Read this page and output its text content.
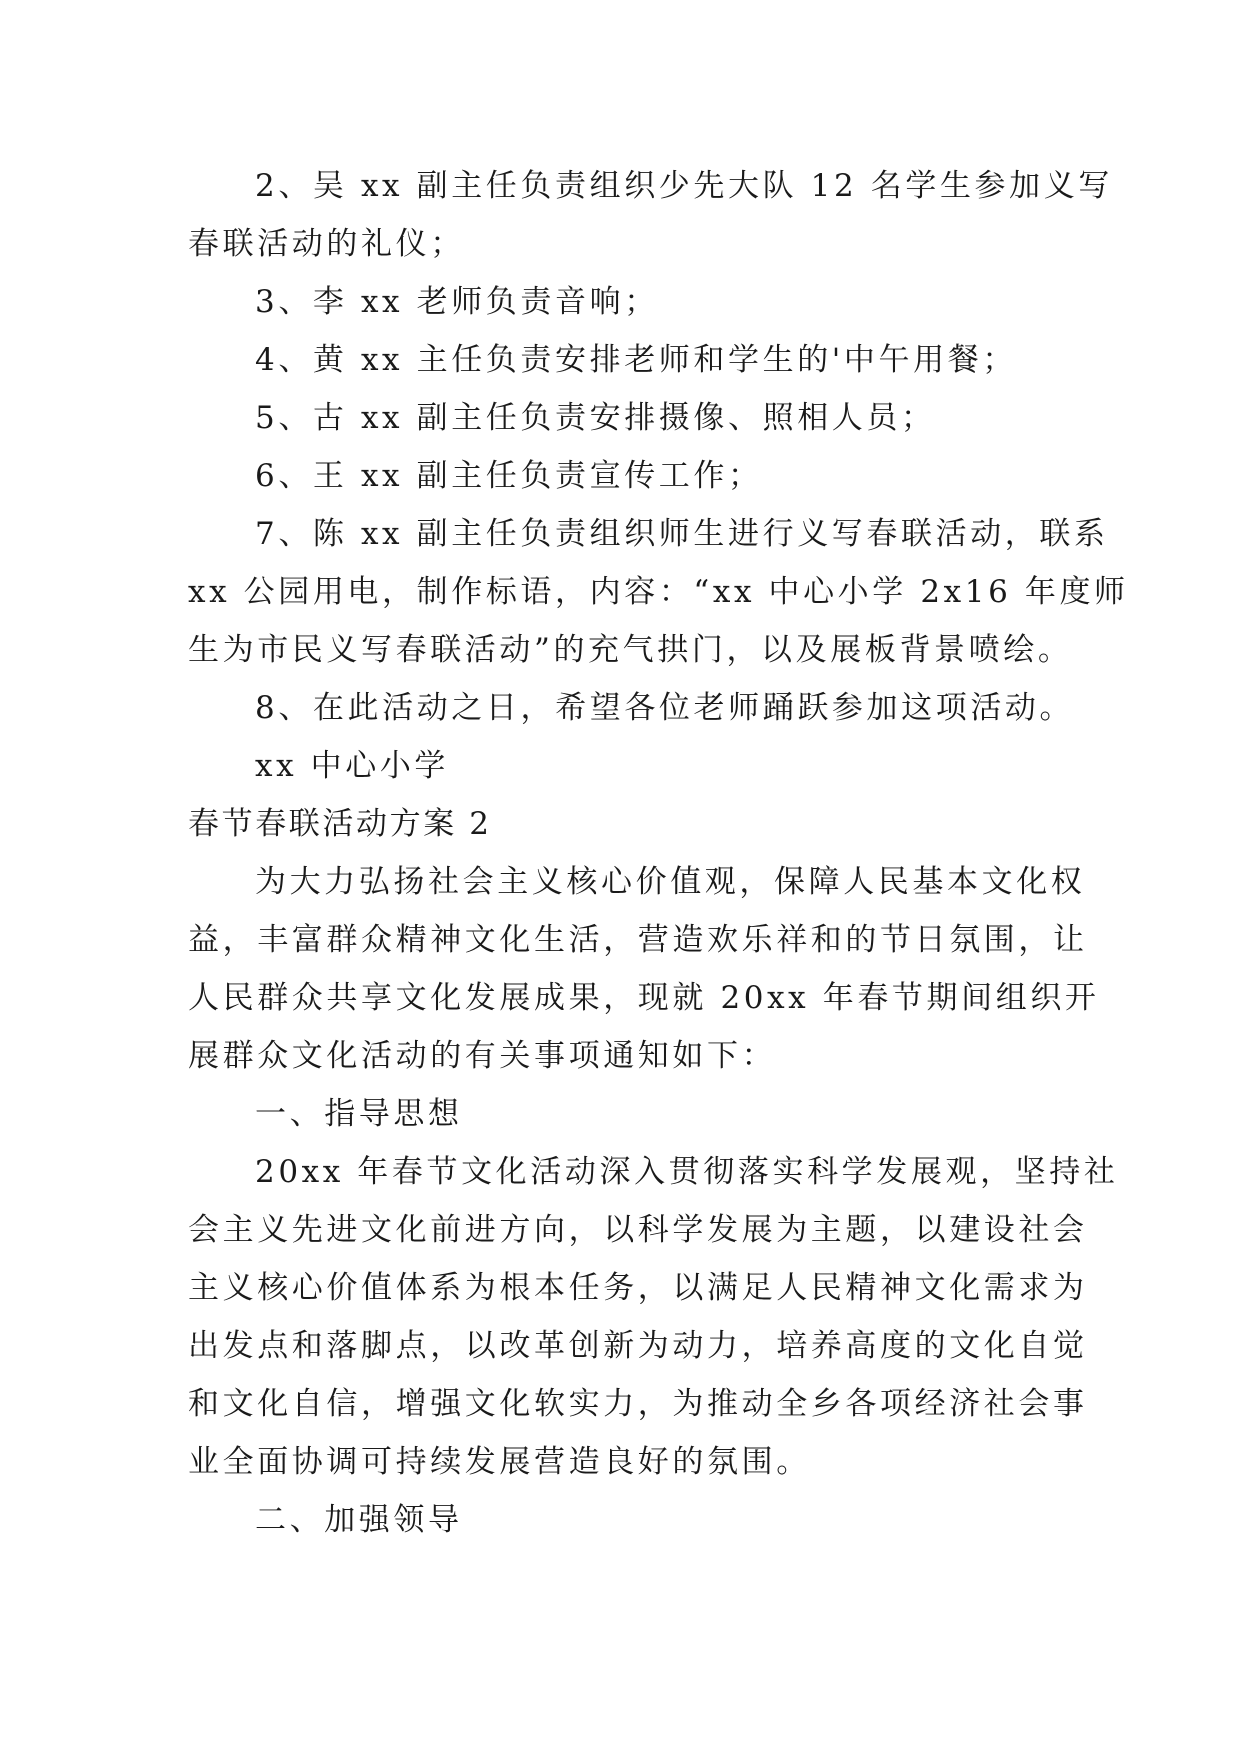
2、吴 xx 副主任负责组织少先大队 12 名学生参加义写
春联活动的礼仪；
3、李 xx 老师负责音响；
4、黄 xx 主任负责安排老师和学生的'中午用餐；
5、古 xx 副主任负责安排摄像、照相人员；
6、王 xx 副主任负责宣传工作；
7、陈 xx 副主任负责组织师生进行义写春联活动，联系
xx 公园用电，制作标语，内容：“xx 中心小学 2x16 年度师
生为市民义写春联活动”的充气拱门，以及展板背景喷绘。
8、在此活动之日，希望各位老师踊跃参加这项活动。
xx 中心小学
春节春联活动方案 2
为大力弘扬社会主义核心价值观，保障人民基本文化权
益，丰富群众精神文化生活，营造欢乐祥和的节日氛围，让
人民群众共享文化发展成果，现就 20xx 年春节期间组织开
展群众文化活动的有关事项通知如下：
一、指导思想
20xx 年春节文化活动深入贯彻落实科学发展观，坚持社
会主义先进文化前进方向，以科学发展为主题，以建设社会
主义核心价值体系为根本任务，以满足人民精神文化需求为
出发点和落脚点，以改革创新为动力，培养高度的文化自觉
和文化自信，增强文化软实力，为推动全乡各项经济社会事
业全面协调可持续发展营造良好的氛围。
二、加强领导
